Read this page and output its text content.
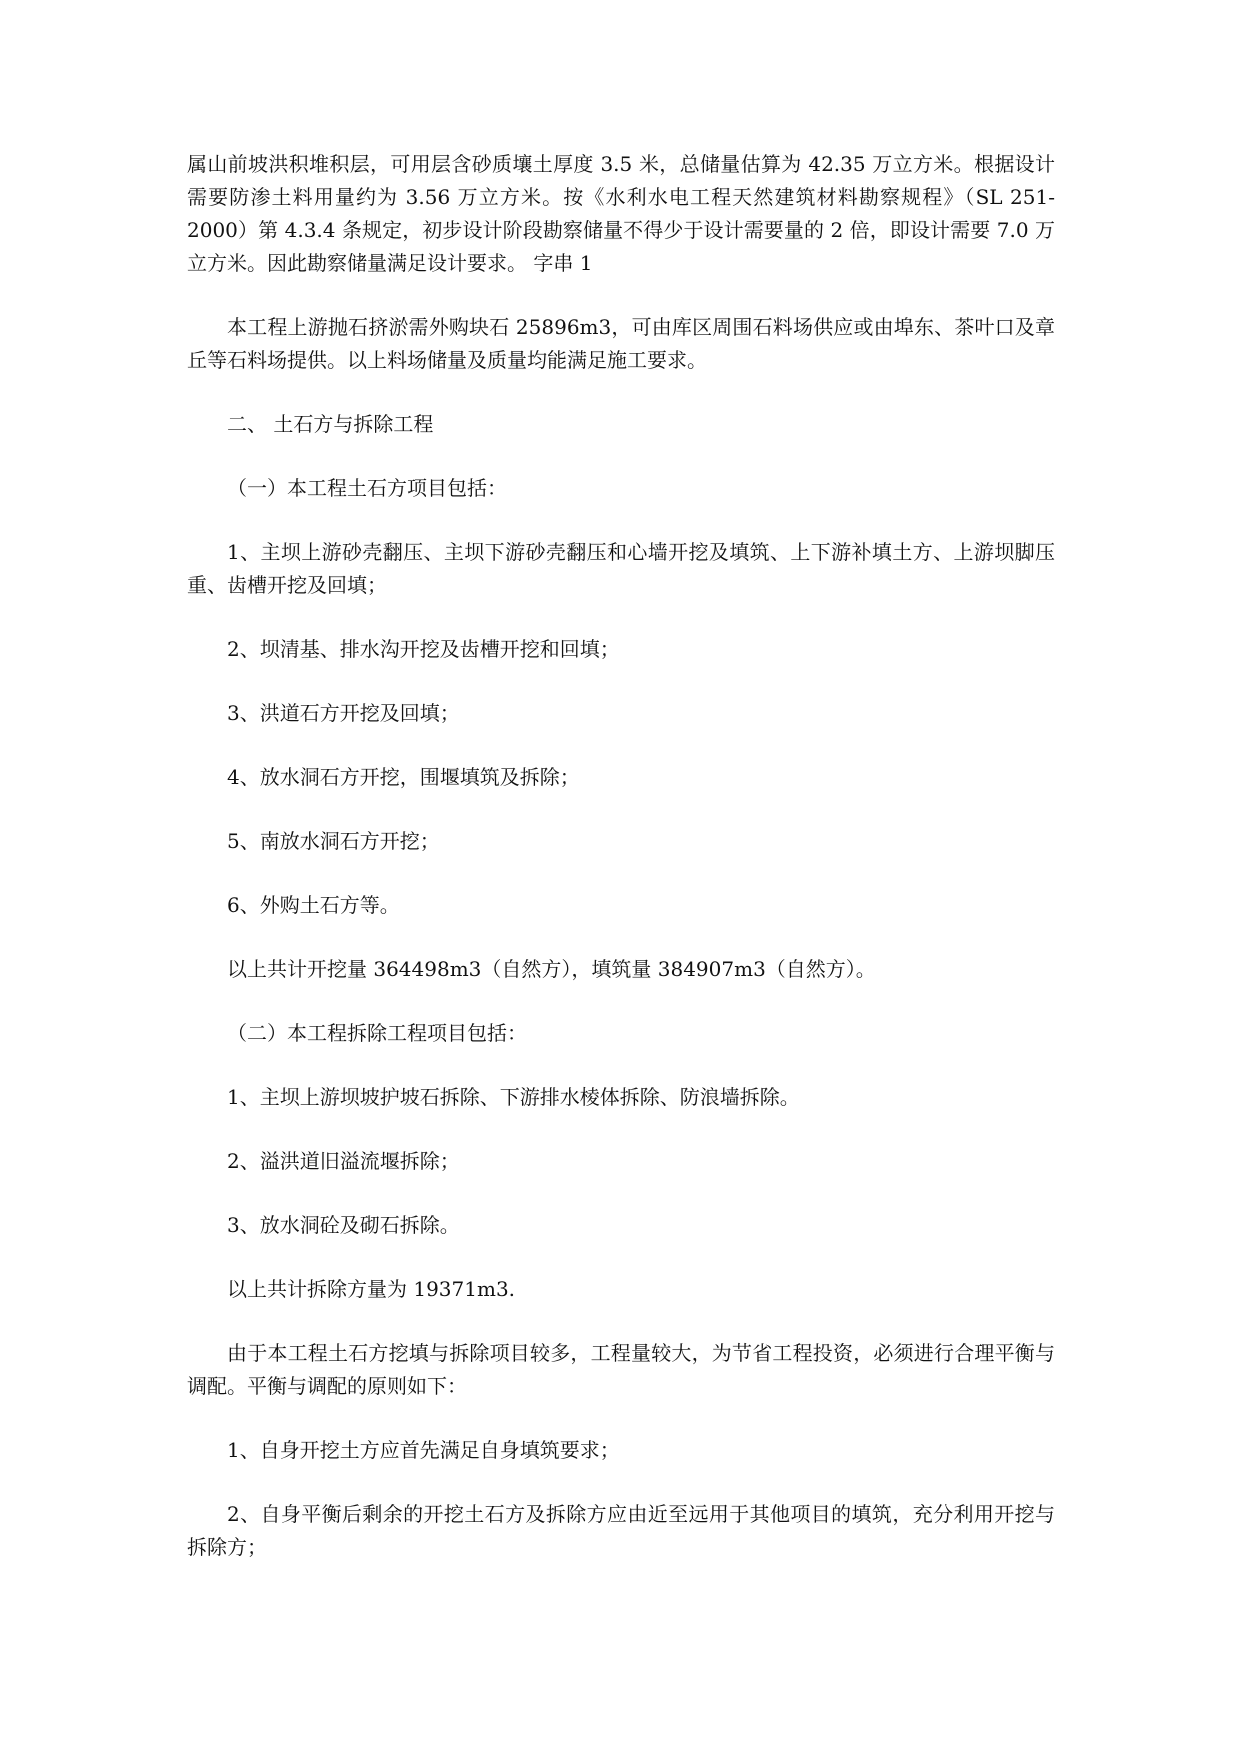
属山前坡洪积堆积层，可用层含砂质壤土厚度 3.5 米，总储量估算为 42.35 万立方米。根据设计需要防渗土料用量约为 3.56 万立方米。按《水利水电工程天然建筑材料勘察规程》（SL 251-2000）第 4.3.4 条规定，初步设计阶段勘察储量不得少于设计需要量的 2 倍，即设计需要 7.0 万立方米。因此勘察储量满足设计要求。 字串 1

本工程上游抛石挤淤需外购块石 25896m3，可由库区周围石料场供应或由埠东、茶叶口及章丘等石料场提供。以上料场储量及质量均能满足施工要求。

二、 土石方与拆除工程

（一）本工程土石方项目包括：

1、主坝上游砂壳翻压、主坝下游砂壳翻压和心墙开挖及填筑、上下游补填土方、上游坝脚压重、齿槽开挖及回填；

2、坝清基、排水沟开挖及齿槽开挖和回填；

3、洪道石方开挖及回填；

4、放水洞石方开挖，围堰填筑及拆除；

5、南放水洞石方开挖；

6、外购土石方等。

以上共计开挖量 364498m3（自然方），填筑量 384907m3（自然方）。

（二）本工程拆除工程项目包括：

1、主坝上游坝坡护坡石拆除、下游排水棱体拆除、防浪墙拆除。

2、溢洪道旧溢流堰拆除；

3、放水洞砼及砌石拆除。

以上共计拆除方量为 19371m3.

由于本工程土石方挖填与拆除项目较多，工程量较大，为节省工程投资，必须进行合理平衡与调配。平衡与调配的原则如下：

1、自身开挖土方应首先满足自身填筑要求；

2、自身平衡后剩余的开挖土石方及拆除方应由近至远用于其他项目的填筑，充分利用开挖与拆除方；
